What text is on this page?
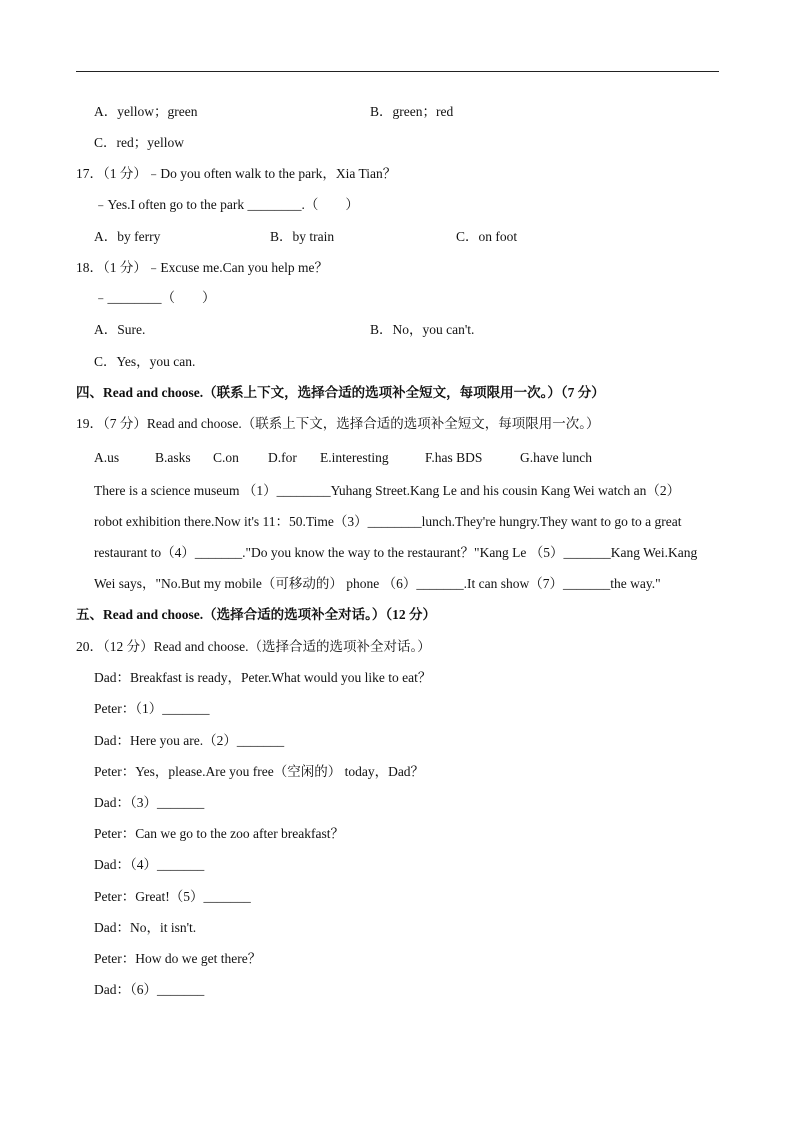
A．yellow；green	B．green；red
C．red；yellow
17．（1 分）﹣Do you often walk to the park，Xia Tian？
﹣Yes.I often go to the park ________.（　　）
A．by ferry	B．by train	C．on foot
18．（1 分）﹣Excuse me.Can you help me？
﹣________（　　）
A．Sure.	B．No，you can't.
C．Yes，you can.
四、Read and choose.（联系上下文，选择合适的选项补全短文，每项限用一次。）（7 分）
19．（7 分）Read and choose.（联系上下文，选择合适的选项补全短文，每项限用一次。）
A.us	B.asks C.on D.for E.interesting	F.has BDS	G.have lunch
There is a science museum （1）________Yuhang Street.Kang Le and his cousin Kang Wei watch an（2）
robot exhibition there.Now it's 11：50.Time（3）________lunch.They're hungry.They want to go to a great
restaurant to（4）_______."Do you know the way to the restaurant？"Kang Le （5）_______Kang Wei.Kang
Wei says，"No.But my mobile（可移动的） phone （6）_______.It can show（7）_______the way."
五、Read and choose.（选择合适的选项补全对话。）（12 分）
20．（12 分）Read and choose.（选择合适的选项补全对话。）
Dad：Breakfast is ready，Peter.What would you like to eat？
Peter：（1）_______
Dad：Here you are.（2）_______
Peter：Yes，please.Are you free（空闲的） today，Dad？
Dad：（3）_______
Peter：Can we go to the zoo after breakfast？
Dad：（4）_______
Peter：Great!（5）_______
Dad：No，it isn't.
Peter：How do we get there？
Dad：（6）_______
